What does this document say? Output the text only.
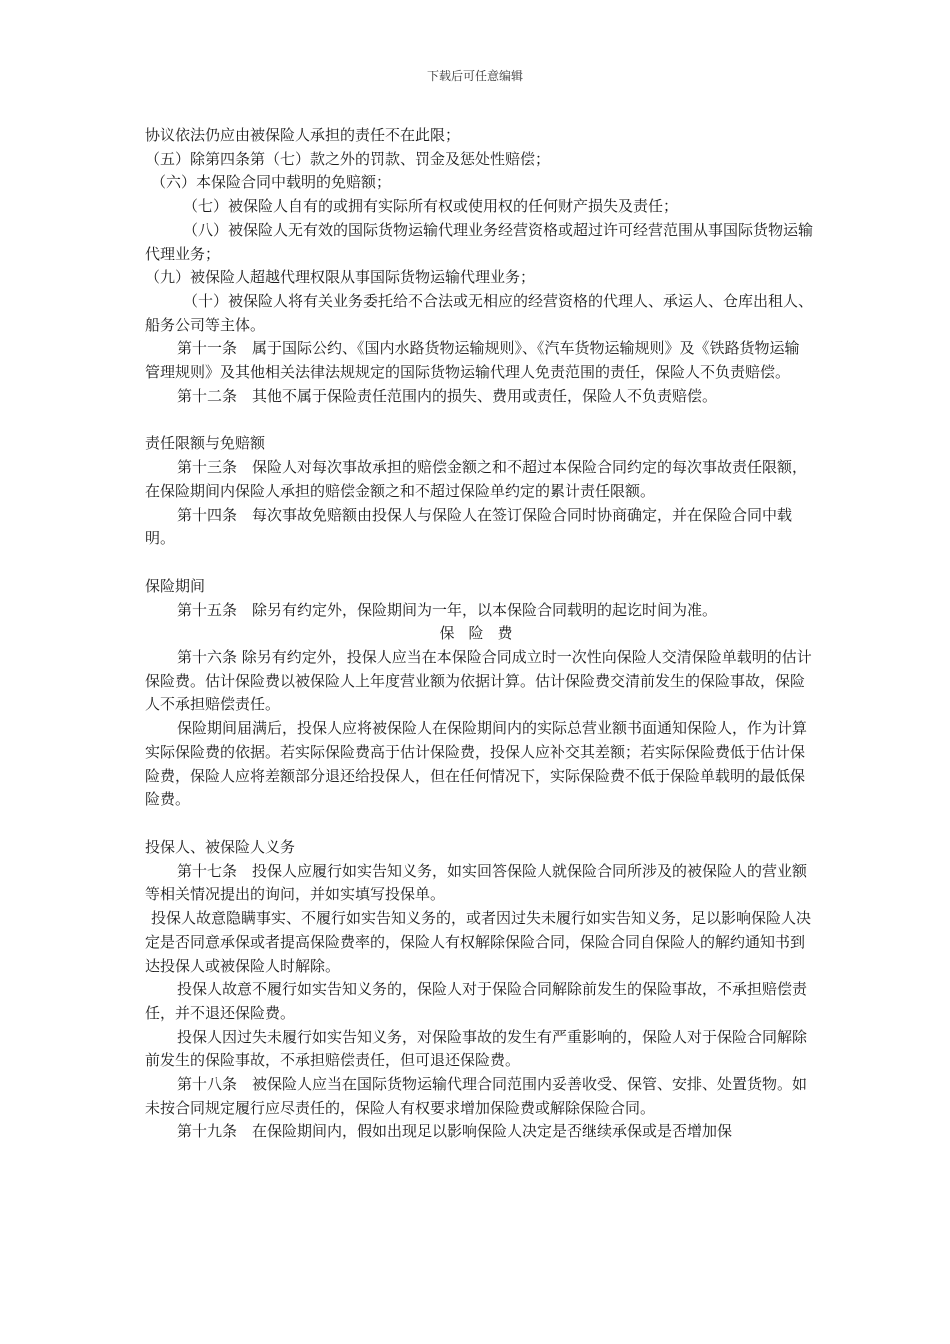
下载后可任意编辑

协议依法仍应由被保险人承担的责任不在此限；

（五）除第四条第（七）款之外的罚款、罚金及惩处性赔偿；

（六）本保险合同中载明的免赔额；

（七）被保险人自有的或拥有实际所有权或使用权的任何财产损失及责任；

（八）被保险人无有效的国际货物运输代理业务经营资格或超过许可经营范围从事国际货物运输代理业务；

（九）被保险人超越代理权限从事国际货物运输代理业务；

（十）被保险人将有关业务委托给不合法或无相应的经营资格的代理人、承运人、仓库出租人、船务公司等主体。

第十一条　属于国际公约、《国内水路货物运输规则》、《汽车货物运输规则》及《铁路货物运输管理规则》及其他相关法律法规规定的国际货物运输代理人免责范围的责任，保险人不负责赔偿。

第十二条　其他不属于保险责任范围内的损失、费用或责任，保险人不负责赔偿。

责任限额与免赔额

第十三条　保险人对每次事故承担的赔偿金额之和不超过本保险合同约定的每次事故责任限额，在保险期间内保险人承担的赔偿金额之和不超过保险单约定的累计责任限额。

第十四条　每次事故免赔额由投保人与保险人在签订保险合同时协商确定，并在保险合同中载明。

保险期间

第十五条　除另有约定外，保险期间为一年，以本保险合同载明的起讫时间为准。

保险费

第十六条 除另有约定外，投保人应当在本保险合同成立时一次性向保险人交清保险单载明的估计保险费。估计保险费以被保险人上年度营业额为依据计算。估计保险费交清前发生的保险事故，保险人不承担赔偿责任。

保险期间届满后，投保人应将被保险人在保险期间内的实际总营业额书面通知保险人，作为计算实际保险费的依据。若实际保险费高于估计保险费，投保人应补交其差额；若实际保险费低于估计保险费，保险人应将差额部分退还给投保人，但在任何情况下，实际保险费不低于保险单载明的最低保险费。

投保人、被保险人义务

第十七条　投保人应履行如实告知义务，如实回答保险人就保险合同所涉及的被保险人的营业额等相关情况提出的询问，并如实填写投保单。

投保人故意隐瞒事实、不履行如实告知义务的，或者因过失未履行如实告知义务，足以影响保险人决定是否同意承保或者提高保险费率的，保险人有权解除保险合同，保险合同自保险人的解约通知书到达投保人或被保险人时解除。

投保人故意不履行如实告知义务的，保险人对于保险合同解除前发生的保险事故，不承担赔偿责任，并不退还保险费。

投保人因过失未履行如实告知义务，对保险事故的发生有严重影响的，保险人对于保险合同解除前发生的保险事故，不承担赔偿责任，但可退还保险费。

第十八条　被保险人应当在国际货物运输代理合同范围内妥善收受、保管、安排、处置货物。如未按合同规定履行应尽责任的，保险人有权要求增加保险费或解除保险合同。

第十九条　在保险期间内，假如出现足以影响保险人决定是否继续承保或是否增加保
